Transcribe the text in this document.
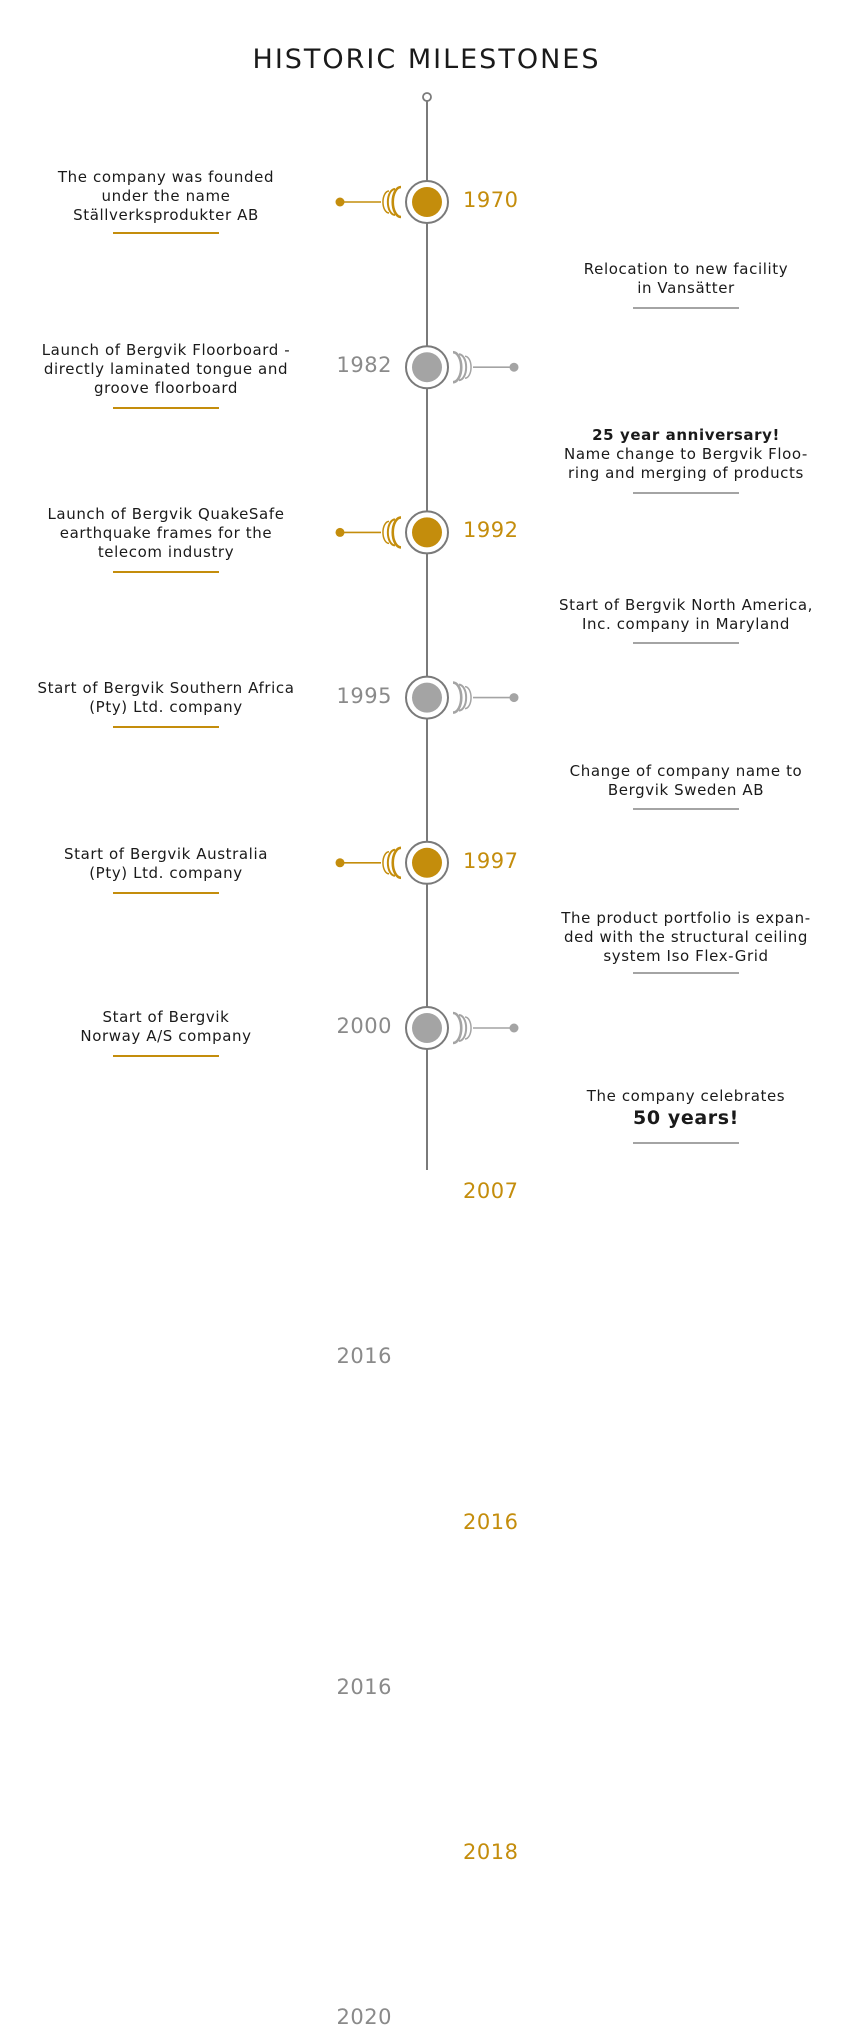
HISTORIC MILESTONES
1970
The company was founded
under the name
Ställverksprodukter AB
1982
Relocation to new facility
in Vansätter
1992
Launch of Bergvik Floorboard -
directly laminated tongue and
groove floorboard
1995
25 year anniversary!
Name change to Bergvik Floo-
ring and merging of products
1997
Launch of Bergvik QuakeSafe
earthquake frames for the
telecom industry
2000
Start of Bergvik North America,
Inc. company in Maryland
2007
Start of Bergvik Southern Africa
(Pty) Ltd. company
2016
Change of company name to
Bergvik Sweden AB
2016
Start of Bergvik Australia
(Pty) Ltd. company
2016
The product portfolio is expan-
ded with the structural ceiling
system Iso Flex-Grid
2018
Start of Bergvik
Norway A/S company
2020
The company celebrates
50 years!
